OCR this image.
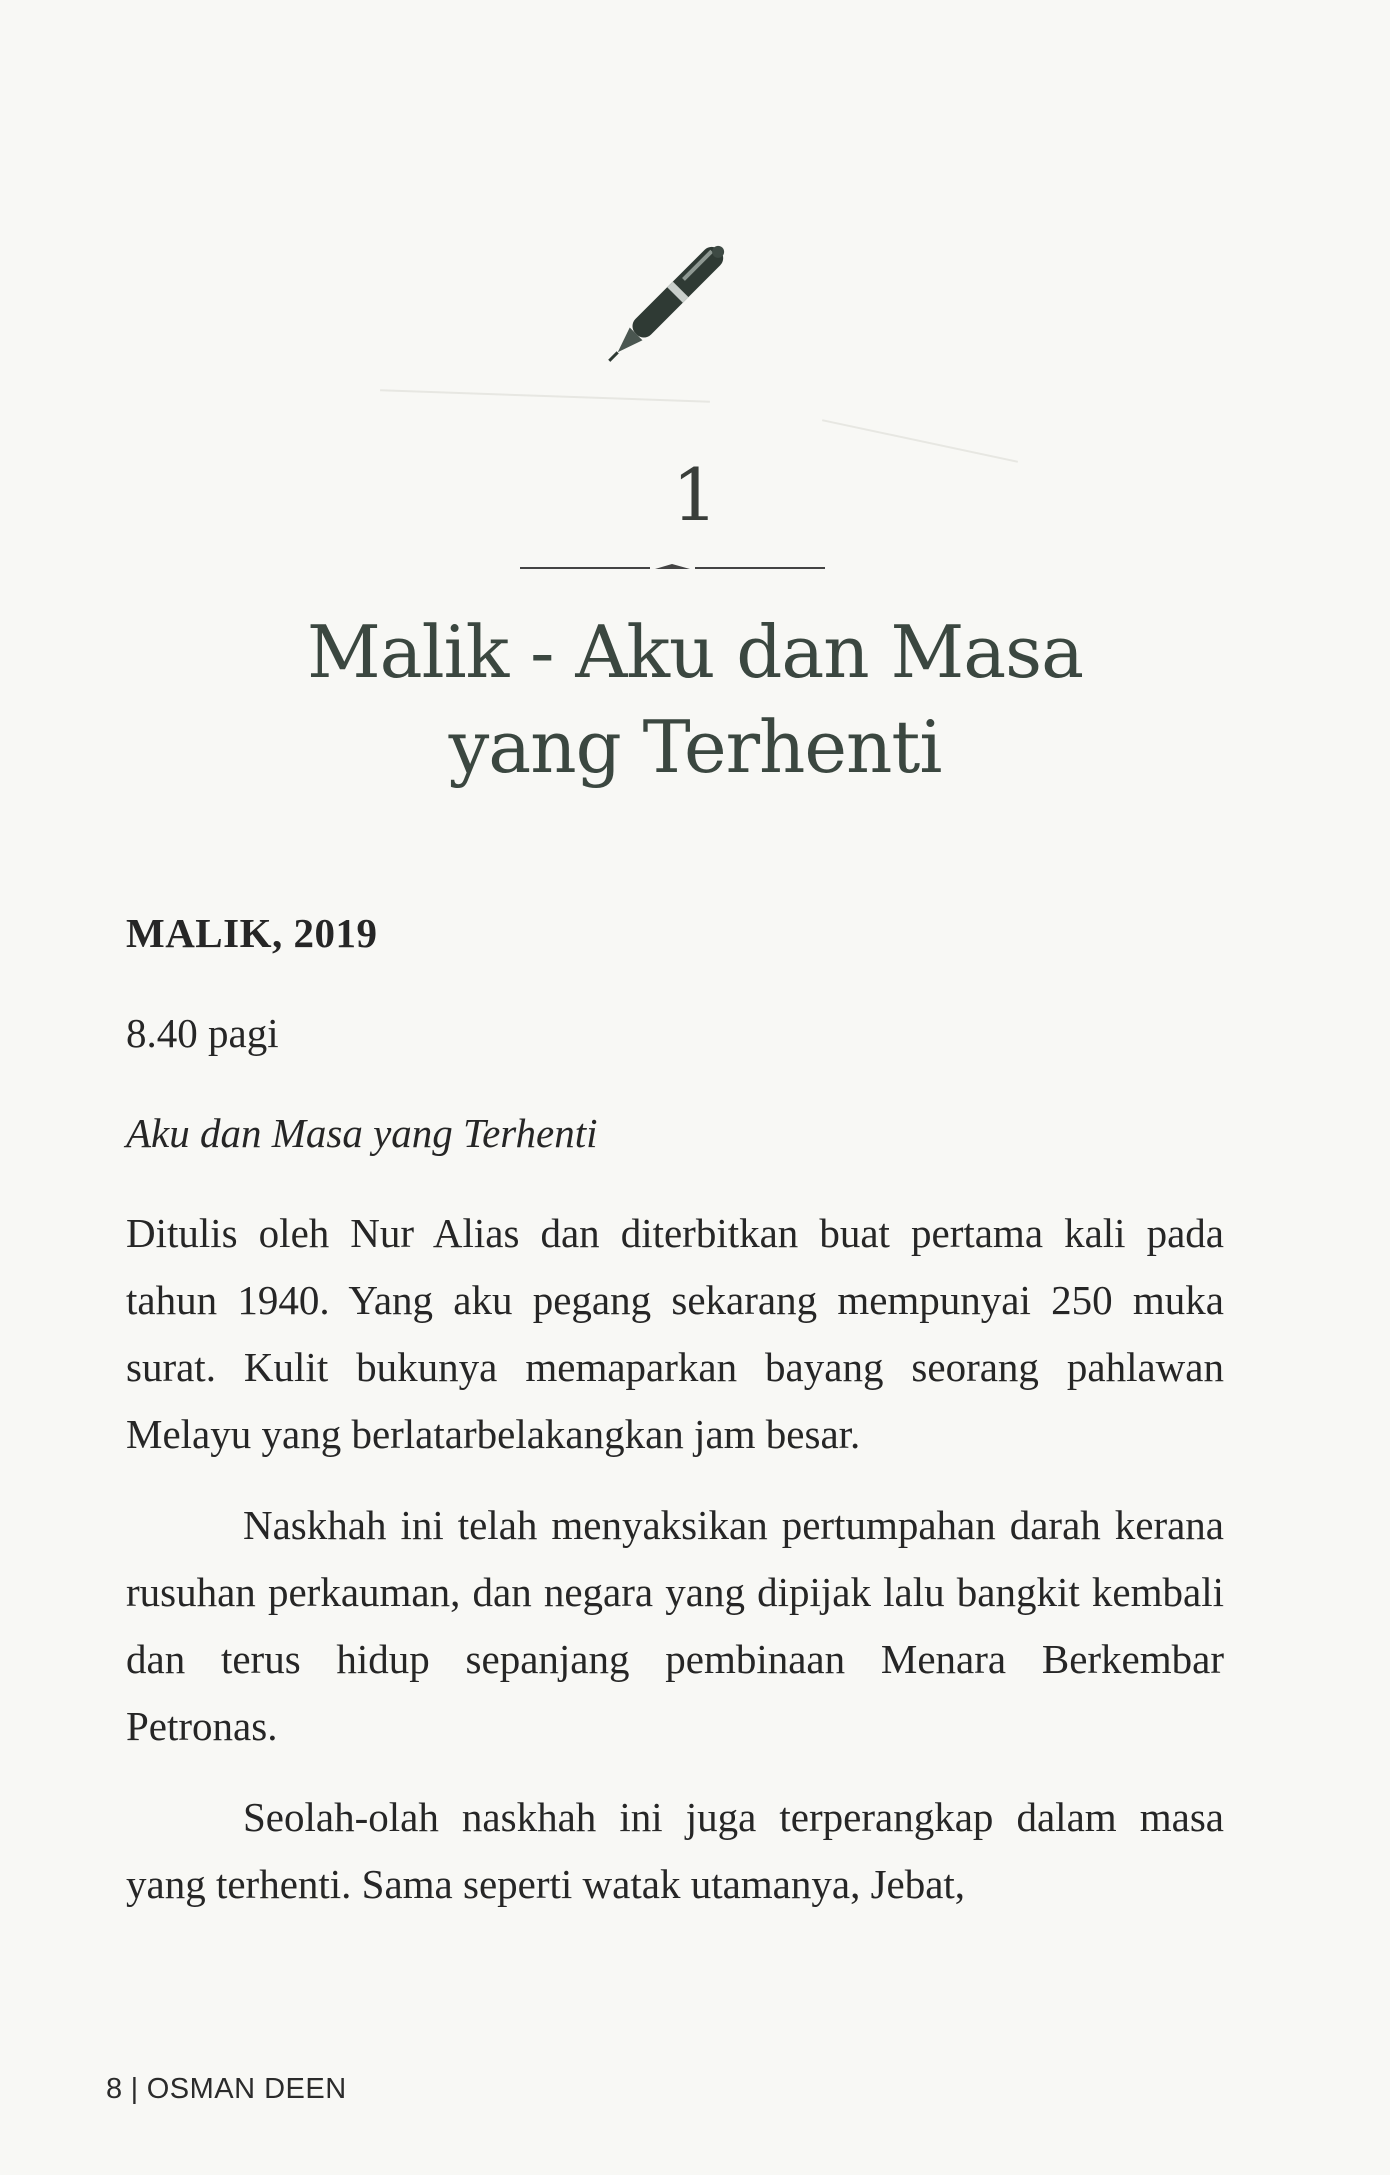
1
Malik - Aku dan Masa
yang Terhenti

MALIK, 2019

8.40 pagi

Aku dan Masa yang Terhenti

Ditulis oleh Nur Alias dan diterbitkan buat pertama kali pada tahun 1940. Yang aku pegang sekarang mempunyai 250 muka surat. Kulit bukunya memaparkan bayang seorang pahlawan Melayu yang berlatarbelakangkan jam besar.

Naskhah ini telah menyaksikan pertumpahan darah kerana rusuhan perkauman, dan negara yang dipijak lalu bangkit kembali dan terus hidup sepanjang pembinaan Menara Berkembar Petronas.

Seolah-olah naskhah ini juga terperangkap dalam masa yang terhenti. Sama seperti watak utamanya, Jebat,

8 | OSMAN DEEN
